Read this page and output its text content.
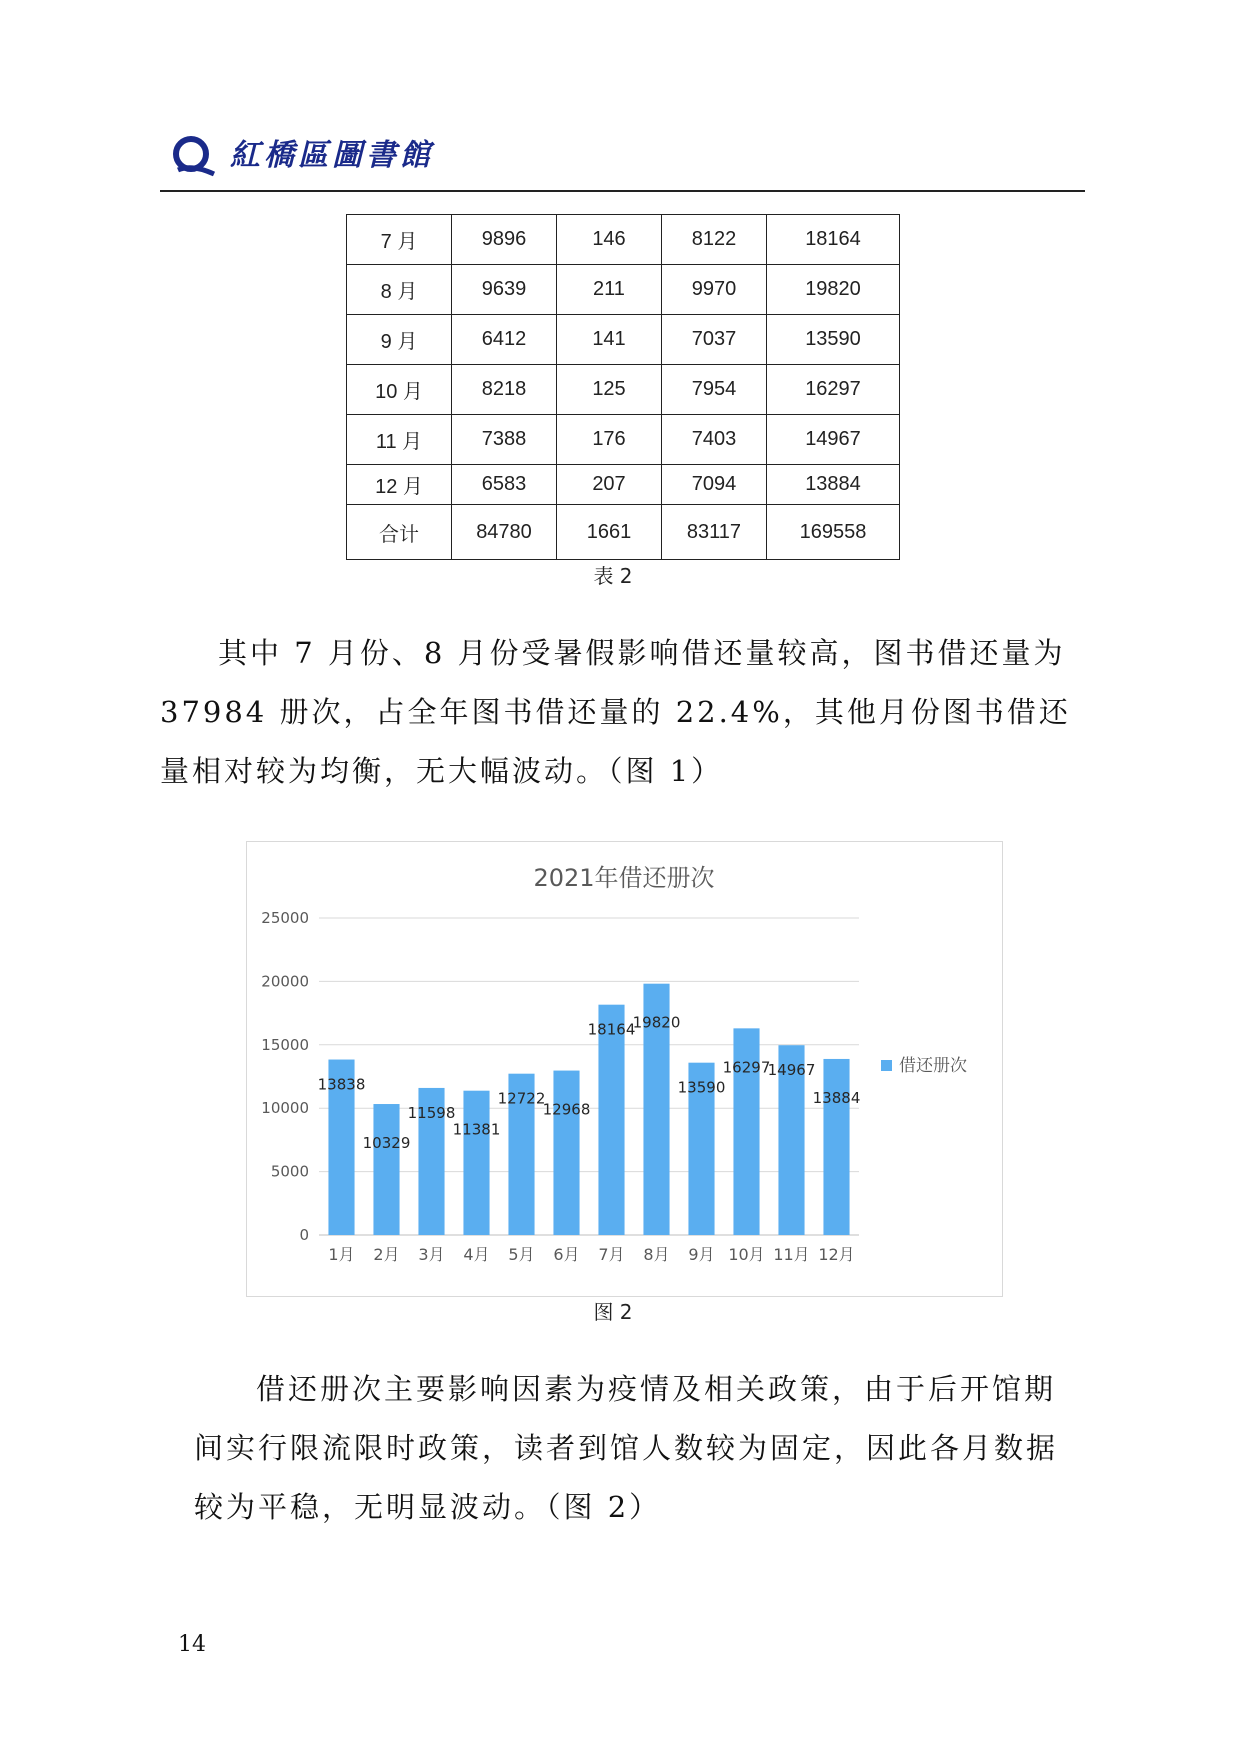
紅橋區圖書館
7 月	9896	146	8122	18164
8 月	9639	211	9970	19820
9 月	6412	141	7037	13590
10 月	8218	125	7954	16297
11 月	7388	176	7403	14967
12 月	6583	207	7094	13884
合计	84780	1661	83117	169558
表 2

其中 7 月份、8 月份受暑假影响借还量较高，图书借还量为 37984 册次，占全年图书借还量的 22.4%，其他月份图书借还量相对较为均衡，无大幅波动。（图 1）

2021年借还册次
0
5000
10000
15000
20000
25000
13838
1月
10329
2月
11598
3月
11381
4月
12722
5月
12968
6月
18164
7月
19820
8月
13590
9月
16297
10月
14967
11月
13884
12月
借还册次
图 2

借还册次主要影响因素为疫情及相关政策，由于后开馆期间实行限流限时政策，读者到馆人数较为固定，因此各月数据较为平稳，无明显波动。（图 2）

14
